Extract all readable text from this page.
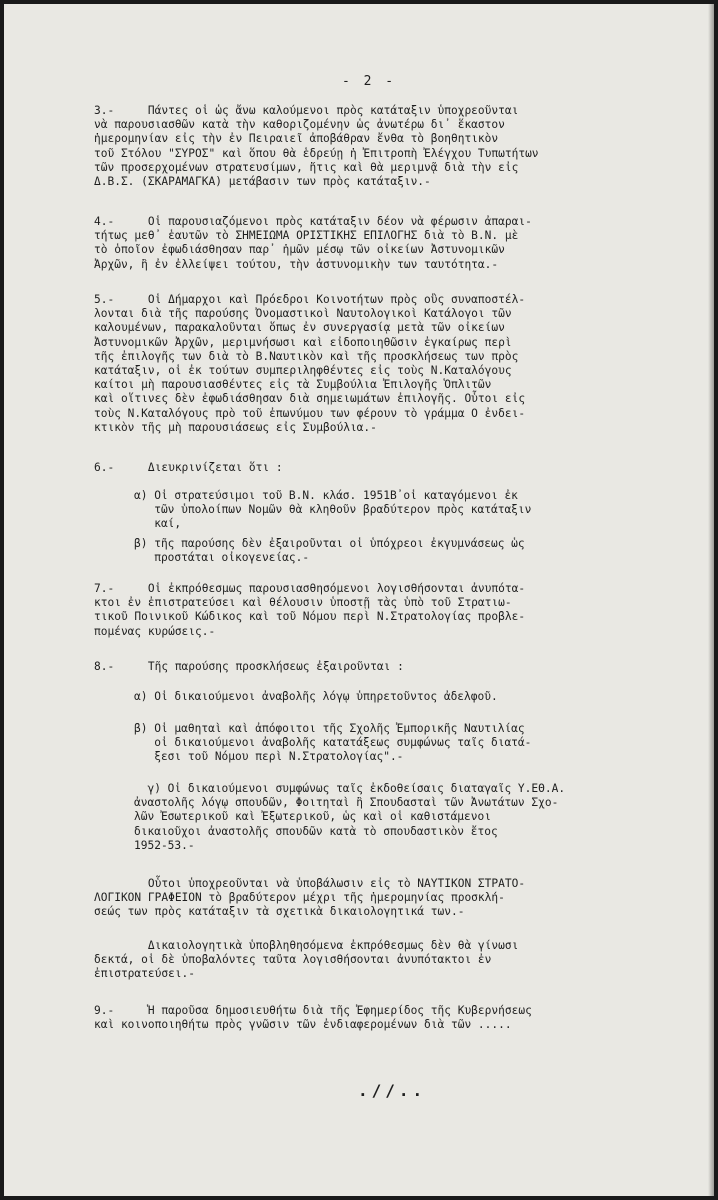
- 2 -
3.-     Πάντες οἱ ὡς ἄνω καλούμενοι πρὸς κατάταξιν ὑποχρεοῦνται
νὰ παρουσιασθῶν κατὰ τὴν καθοριζομένην ὡς ἀνωτέρω δι᾽ ἕκαστον
ἡμερομηνίαν εἰς τὴν ἐν Πειραιεῖ ἀποβάθραν ἔνθα τὸ βοηθητικὸν
τοῦ Στόλου "ΣΥΡΟΣ" καὶ ὅπου θὰ ἑδρεύῃ ἡ Ἐπιτροπὴ Ἐλέγχου Τυπωτήτων
τῶν προσερχομένων στρατευσίμων, ἥτις καὶ θὰ μεριμνᾷ διὰ τὴν εἰς
Δ.Β.Σ. (ΣΚΑΡΑΜΑΓΚΑ) μετάβασιν των πρὸς κατάταξιν.-
4.-     Οἱ παρουσιαζόμενοι πρὸς κατάταξιν δέον νὰ φέρωσιν ἀπαραι-
τήτως μεθ᾽ ἑαυτῶν τὸ ΣΗΜΕΙΩΜΑ ΟΡΙΣΤΙΚΗΣ ΕΠΙΛΟΓΗΣ διὰ τὸ Β.Ν. μὲ
τὸ ὁποῖον ἐφωδιάσθησαν παρ᾽ ἡμῶν μέσῳ τῶν οἰκείων Ἀστυνομικῶν
Ἀρχῶν, ἢ ἐν ἐλλείψει τούτου, τὴν ἀστυνομικὴν των ταυτότητα.-
5.-     Οἱ Δήμαρχοι καὶ Πρόεδροι Κοινοτήτων πρὸς οὓς συναποστέλ-
λονται διὰ τῆς παρούσης Ὀνομαστικοὶ Ναυτολογικοὶ Κατάλογοι τῶν
καλουμένων, παρακαλοῦνται ὅπως ἐν συνεργασίᾳ μετὰ τῶν οἰκείων
Ἀστυνομικῶν Ἀρχῶν, μεριμνήσωσι καὶ εἰδοποιηθῶσιν ἐγκαίρως περὶ
τῆς ἐπιλογῆς των διὰ τὸ Β.Ναυτικὸν καὶ τῆς προσκλήσεως των πρὸς
κατάταξιν, οἱ ἐκ τούτων συμπεριληφθέντες εἰς τοὺς Ν.Καταλόγους
καίτοι μὴ παρουσιασθέντες εἰς τὰ Συμβούλια Ἐπιλογῆς Ὁπλιτῶν
καὶ οἵτινες δὲν ἐφωδιάσθησαν διὰ σημειωμάτων ἐπιλογῆς. Οὗτοι εἰς
τοὺς Ν.Καταλόγους πρὸ τοῦ ἐπωνύμου των φέρουν τὸ γράμμα Ο ἐνδει-
κτικὸν τῆς μὴ παρουσιάσεως εἰς Συμβούλια.-
6.-     Διευκρινίζεται ὅτι :
α) Οἱ στρατεύσιμοι τοῦ Β.Ν. κλάσ. 1951Β᾽οἱ καταγόμενοι ἐκ
τῶν ὑπολοίπων Νομῶν θὰ κληθοῦν βραδύτερον πρὸς κατάταξιν
καί,
β) τῆς παρούσης δὲν ἐξαιροῦνται οἱ ὑπόχρεοι ἐκγυμνάσεως ὡς
προστάται οἰκογενείας.-
7.-     Οἱ ἐκπρόθεσμως παρουσιασθησόμενοι λογισθήσονται ἀνυπότα-
κτοι ἐν ἐπιστρατεύσει καὶ θέλουσιν ὑποστῇ τὰς ὑπὸ τοῦ Στρατιω-
τικοῦ Ποινικοῦ Κώδικος καὶ τοῦ Νόμου περὶ Ν.Στρατολογίας προβλε-
πομένας κυρώσεις.-
8.-     Τῆς παρούσης προσκλήσεως ἐξαιροῦνται :
α) Οἱ δικαιούμενοι ἀναβολῆς λόγῳ ὑπηρετοῦντος ἀδελφοῦ.
β) Οἱ μαθηταὶ καὶ ἀπόφοιτοι τῆς Σχολῆς Ἐμπορικῆς Ναυτιλίας
οἱ δικαιούμενοι ἀναβολῆς κατατάξεως συμφώνως ταῖς διατά-
ξεσι τοῦ Νόμου περὶ Ν.Στρατολογίας".-
γ) Οἱ δικαιούμενοι συμφώνως ταῖς ἐκδοθείσαις διαταγαῖς Υ.ΕΘ.Α.
ἀναστολῆς λόγῳ σπουδῶν, Φοιτηταὶ ἢ Σπουδασταὶ τῶν Ἀνωτάτων Σχο-
λῶν Ἐσωτερικοῦ καὶ Ἐξωτερικοῦ, ὡς καὶ οἱ καθιστάμενοι
δικαιοῦχοι ἀναστολῆς σπουδῶν κατὰ τὸ σπουδαστικὸν ἔτος
1952-53.-
Οὗτοι ὑποχρεοῦνται νὰ ὑποβάλωσιν εἰς τὸ ΝΑΥΤΙΚΟΝ ΣΤΡΑΤΟ-
ΛΟΓΙΚΟΝ ΓΡΑΦΕΙΟΝ τὸ βραδύτερον μέχρι τῆς ἡμερομηνίας προσκλή-
σεώς των πρὸς κατάταξιν τὰ σχετικὰ δικαιολογητικά των.-
Δικαιολογητικὰ ὑποβληθησόμενα ἐκπρόθεσμως δὲν θὰ γίνωσι
δεκτά, οἱ δὲ ὑποβαλόντες ταῦτα λογισθήσονται ἀνυπότακτοι ἐν
ἐπιστρατεύσει.-
9.-     Ἡ παροῦσα δημοσιευθήτω διὰ τῆς Ἐφημερίδος τῆς Κυβερνήσεως
καὶ κοινοποιηθήτω πρὸς γνῶσιν τῶν ἐνδιαφερομένων διὰ τῶν .....
.//..
